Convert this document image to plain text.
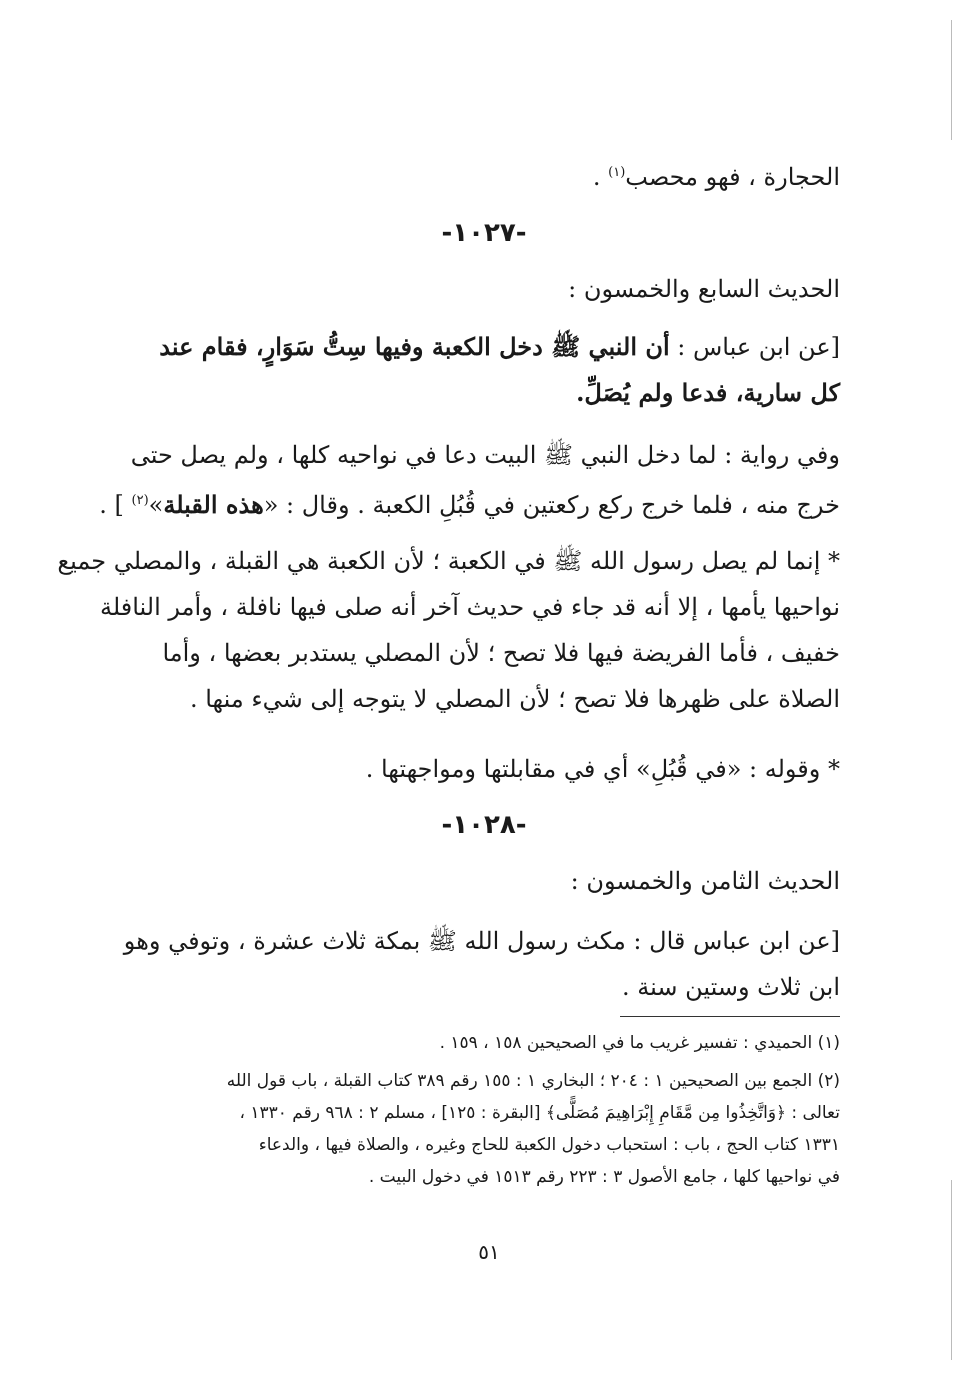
الحجارة ، فهو محصب$^{(١)}$ .
-١٠٢٧-
الحديث السابع والخمسون :
[عن ابن عباس : أن النبي ﷺ دخل الكعبة وفيها سِتُّ سَوَارٍ، فقام عند
كل سارية، فدعا ولم يُصَلِّ.
وفي رواية : لما دخل النبي ﷺ البيت دعا في نواحيه كلها ، ولم يصل حتى
خرج منه ، فلما خرج ركع ركعتين في قُبُلِ الكعبة . وقال : «هذه القبلة»$^{(٢)}$ ] .
* إنما لم يصل رسول الله ﷺ في الكعبة ؛ لأن الكعبة هي القبلة ، والمصلي جميع
نواحيها يأمها ، إلا أنه قد جاء في حديث آخر أنه صلى فيها نافلة ، وأمر النافلة
خفيف ، فأما الفريضة فيها فلا تصح ؛ لأن المصلي يستدبر بعضها ، وأما
الصلاة على ظهرها فلا تصح ؛ لأن المصلي لا يتوجه إلى شيء منها .
* وقوله : «في قُبُلِ» أي في مقابلتها ومواجهتها .
-١٠٢٨-
الحديث الثامن والخمسون :
[عن ابن عباس قال : مكث رسول الله ﷺ بمكة ثلاث عشرة ، وتوفي وهو
ابن ثلاث وستين سنة .
(١) الحميدي : تفسير غريب ما في الصحيحين ١٥٨ ، ١٥٩ .
(٢) الجمع بين الصحيحين ١ : ٢٠٤ ؛ البخاري ١ : ١٥٥ رقم ٣٨٩ كتاب القبلة ، باب قول الله
تعالى : ﴿وَاتَّخِذُوا مِن مَّقَامِ إِبْرَاهِيمَ مُصَلًّى﴾ [البقرة : ١٢٥] ، مسلم ٢ : ٩٦٨ رقم ١٣٣٠ ،
١٣٣١ كتاب الحج ، باب : استحباب دخول الكعبة للحاج وغيره ، والصلاة فيها ، والدعاء
في نواحيها كلها ، جامع الأصول ٣ : ٢٢٣ رقم ١٥١٣ في دخول البيت .
٥١
